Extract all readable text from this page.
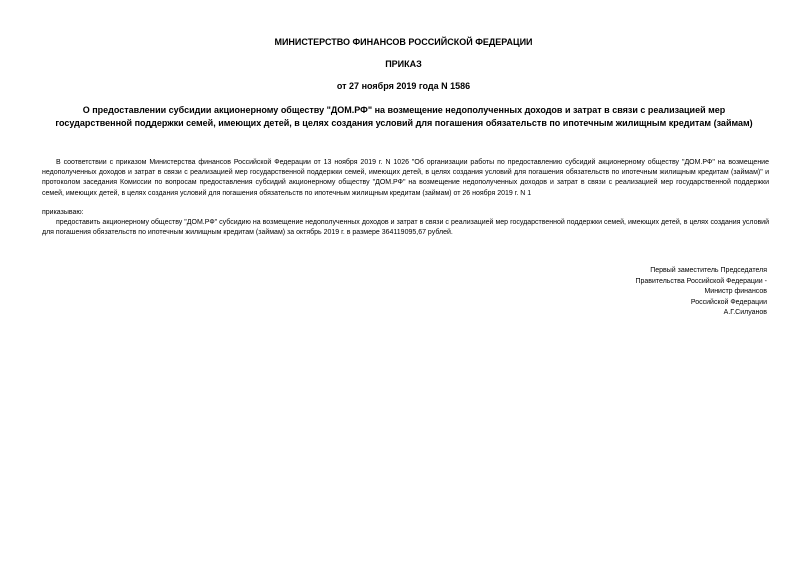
МИНИСТЕРСТВО ФИНАНСОВ РОССИЙСКОЙ ФЕДЕРАЦИИ

ПРИКАЗ

от 27 ноября 2019 года N 1586

О предоставлении субсидии акционерному обществу "ДОМ.РФ" на возмещение недополученных доходов и затрат в связи с реализацией мер государственной поддержки семей, имеющих детей, в целях создания условий для погашения обязательств по ипотечным жилищным кредитам (займам)

В соответствии с приказом Министерства финансов Российской Федерации от 13 ноября 2019 г. N 1026 "Об организации работы по предоставлению субсидий акционерному обществу "ДОМ.РФ" на возмещение недополученных доходов и затрат в связи с реализацией мер государственной поддержки семей, имеющих детей, в целях создания условий для погашения обязательств по ипотечным жилищным кредитам (займам)" и протоколом заседания Комиссии по вопросам предоставления субсидий акционерному обществу "ДОМ.РФ" на возмещение недополученных доходов и затрат в связи с реализацией мер государственной поддержки семей, имеющих детей, в целях создания условий для погашения обязательств по ипотечным жилищным кредитам (займам) от 26 ноября 2019 г. N 1

приказываю:

предоставить акционерному обществу "ДОМ.РФ" субсидию на возмещение недополученных доходов и затрат в связи с реализацией мер государственной поддержки семей, имеющих детей, в целях создания условий для погашения обязательств по ипотечным жилищным кредитам (займам) за октябрь 2019 г. в размере 364119095,67 рублей.

Первый заместитель Председателя
Правительства Российской Федерации -
Министр финансов
Российской Федерации
А.Г.Силуанов
